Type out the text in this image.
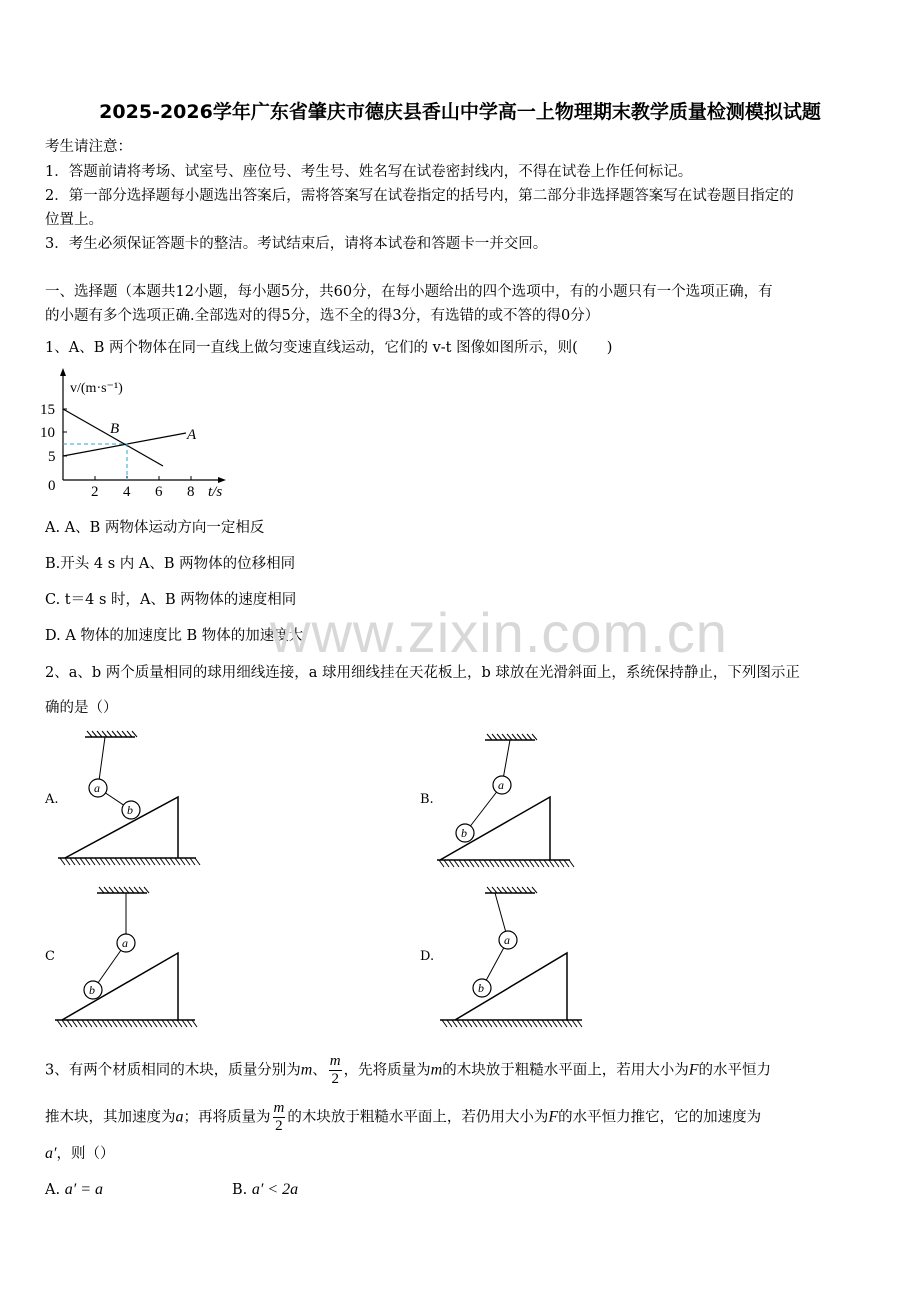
2025-2026学年广东省肇庆市德庆县香山中学高一上物理期末教学质量检测模拟试题
考生请注意：
1．答题前请将考场、试室号、座位号、考生号、姓名写在试卷密封线内，不得在试卷上作任何标记。
2．第一部分选择题每小题选出答案后，需将答案写在试卷指定的括号内，第二部分非选择题答案写在试卷题目指定的
位置上。
3．考生必须保证答题卡的整洁。考试结束后，请将本试卷和答题卡一并交回。
一、选择题（本题共12小题，每小题5分，共60分，在每小题给出的四个选项中，有的小题只有一个选项正确，有
的小题有多个选项正确.全部选对的得5分，选不全的得3分，有选错的或不答的得0分）
1、A、B 两个物体在同一直线上做匀变速直线运动，它们的 v-t 图像如图所示，则(　　)
v/(m·s⁻¹)
15
10
5
0 2 4 6 8 t/s
B	A
A. A、B 两物体运动方向一定相反
B.开头 4 s 内 A、B 两物体的位移相同
C. t＝4 s 时，A、B 两物体的速度相同
D. A 物体的加速度比 B 物体的加速度大
www.zixin.com.cn
2、a、b 两个质量相同的球用细线连接，a 球用细线挂在天花板上，b 球放在光滑斜面上，系统保持静止，下列图示正
确的是（）
A.	B.
C	D.
a
b
a
b
a
b
a
b
3、有两个材质相同的木块，质量分别为m、 $\frac{m}{2}$ ，先将质量为m的木块放于粗糙水平面上，若用大小为F的水平恒力
推木块，其加速度为a；再将质量为 $\frac{m}{2}$ 的木块放于粗糙水平面上，若仍用大小为F的水平恒力推它，它的加速度为
a′，则（）
A. a′ = a	B. a′ < 2a
